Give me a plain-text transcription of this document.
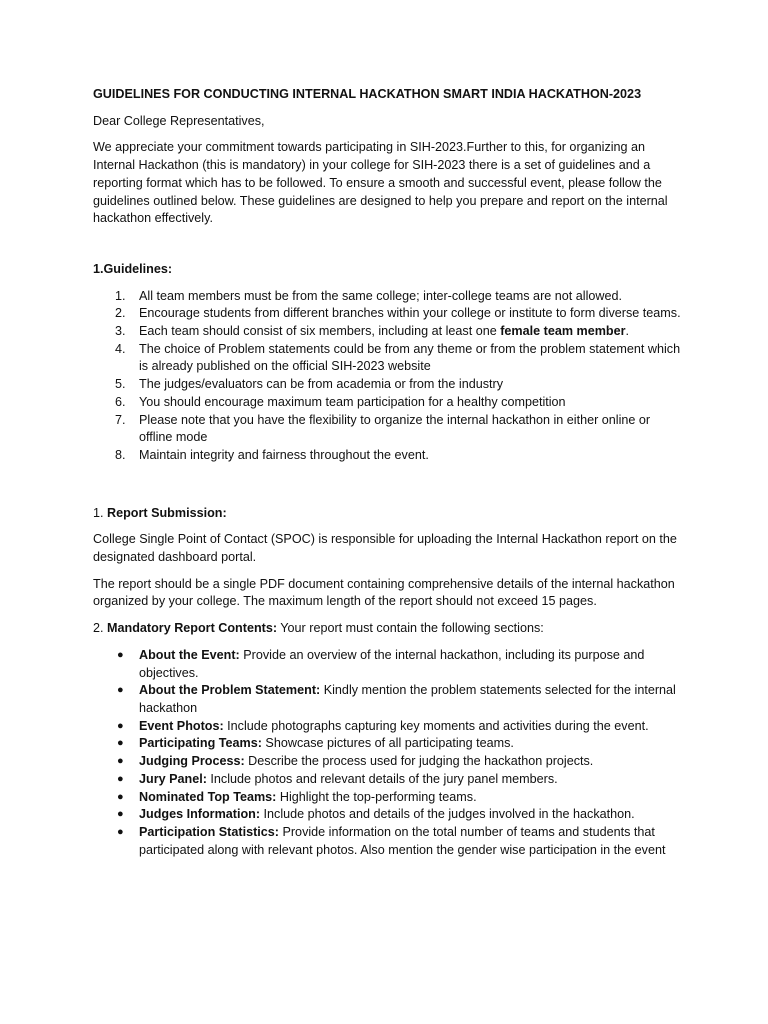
GUIDELINES FOR CONDUCTING INTERNAL HACKATHON SMART INDIA HACKATHON-2023

Dear College Representatives,

We appreciate your commitment towards participating in SIH-2023.Further to this, for organizing an Internal Hackathon (this is mandatory) in your college for SIH-2023 there is a set of guidelines and a reporting format which has to be followed. To ensure a smooth and successful event, please follow the guidelines outlined below. These guidelines are designed to help you prepare and report on the internal hackathon effectively.

1.Guidelines:

1.	All team members must be from the same college; inter-college teams are not allowed.
2.	Encourage students from different branches within your college or institute to form diverse teams.
3.	Each team should consist of six members, including at least one female team member.
4.	The choice of Problem statements could be from any theme or from the problem statement which is already published on the official SIH-2023 website
5.	The judges/evaluators can be from academia or from the industry
6.	You should encourage maximum team participation for a healthy competition
7.	Please note that you have the flexibility to organize the internal hackathon in either online or offline mode
8.	Maintain integrity and fairness throughout the event.

1. Report Submission:

College Single Point of Contact (SPOC) is responsible for uploading the Internal Hackathon report on the designated dashboard portal.

The report should be a single PDF document containing comprehensive details of the internal hackathon organized by your college. The maximum length of the report should not exceed 15 pages.

2. Mandatory Report Contents: Your report must contain the following sections:

●	About the Event: Provide an overview of the internal hackathon, including its purpose and objectives.
●	About the Problem Statement: Kindly mention the problem statements selected for the internal hackathon
●	Event Photos: Include photographs capturing key moments and activities during the event.
●	Participating Teams: Showcase pictures of all participating teams.
●	Judging Process: Describe the process used for judging the hackathon projects.
●	Jury Panel: Include photos and relevant details of the jury panel members.
●	Nominated Top Teams: Highlight the top-performing teams.
●	Judges Information: Include photos and details of the judges involved in the hackathon.
●	Participation Statistics: Provide information on the total number of teams and students that participated along with relevant photos. Also mention the gender wise participation in the event
